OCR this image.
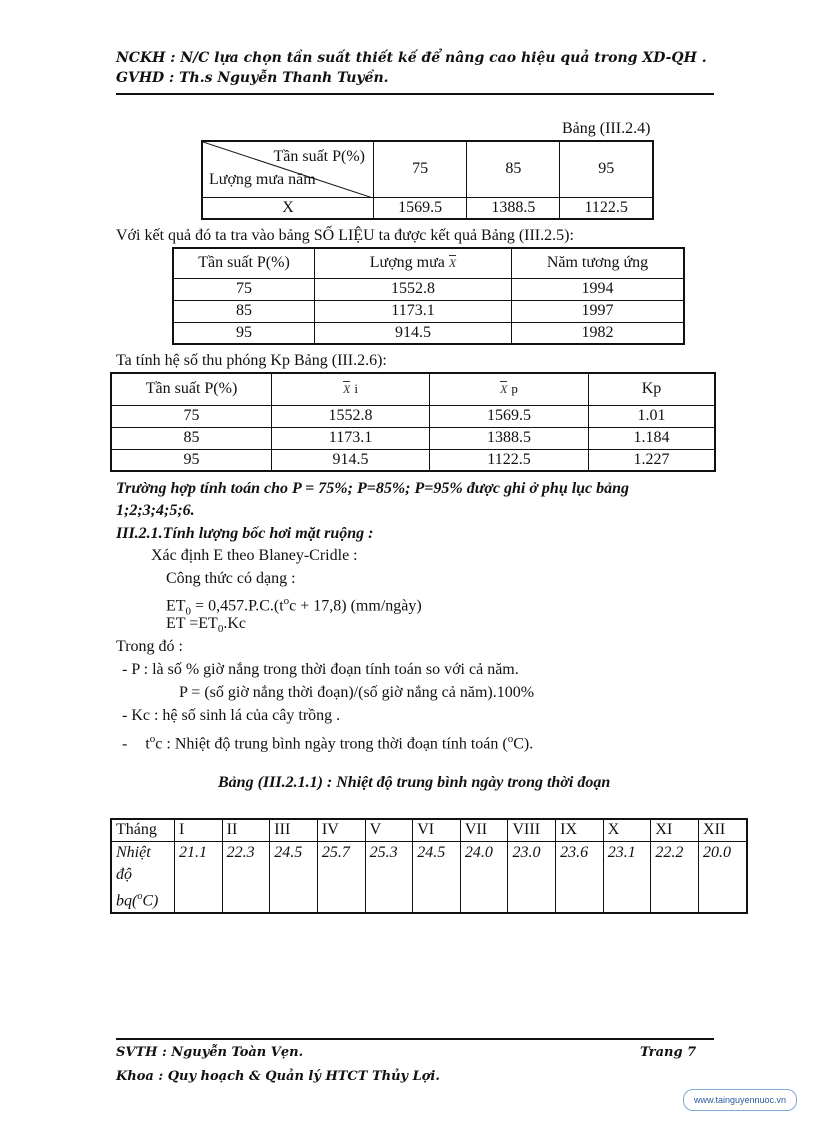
NCKH : N/C lựa chọn tần suất thiết kế để nâng cao hiệu quả trong XD-QH .
GVHD : Th.s Nguyễn Thanh Tuyền.
Bảng (III.2.4)
Tần suất P(%)
Lượng mưa năm	75	85	95
X	1569.5	1388.5	1122.5
Với kết quả đó ta tra vào bảng SỐ LIỆU ta được kết quả Bảng (III.2.5):
Tần suất P(%)	Lượng mưa X	Năm tương ứng
75	1552.8	1994
85	1173.1	1997
95	914.5	1982
Ta tính hệ số thu phóng Kp Bảng (III.2.6):
Tần suất P(%)	X i	X p	Kp
75	1552.8	1569.5	1.01
85	1173.1	1388.5	1.184
95	914.5	1122.5	1.227
Trường hợp tính toán cho P = 75%; P=85%; P=95% được ghi ở phụ lục bảng
1;2;3;4;5;6.
III.2.1.Tính lượng bốc hơi mặt ruộng :
Xác định E theo Blaney-Cridle :
Công thức có dạng :
$ET_0 = 0,457.P.C.(t^oc + 17,8)$ (mm/ngày)
ET $=ET_0.Kc$
Trong đó :
- P : là số % giờ nắng trong thời đoạn tính toán so với cả năm.
P = (số giờ nắng thời đoạn)/(số giờ nắng cả năm).100%
- Kc : hệ số sinh lá của cây trồng .
- $t^oc$ : Nhiệt độ trung bình ngày trong thời đoạn tính toán ($^o$C).
Bảng (III.2.1.1) : Nhiệt độ trung bình ngày trong thời đoạn
Tháng	I	II	III	IV	V	VI	VII	VIII	IX	X	XI	XII

Nhiệt
độ
bq($^o$C)	21.1	22.3	24.5	25.7	25.3	24.5	24.0	23.0	23.6	23.1	22.2	20.0
SVTH : Nguyễn Toàn Vẹn.	Trang 7
Khoa : Quy hoạch & Quản lý HTCT Thủy Lợi.
www.tainguyennuoc.vn
